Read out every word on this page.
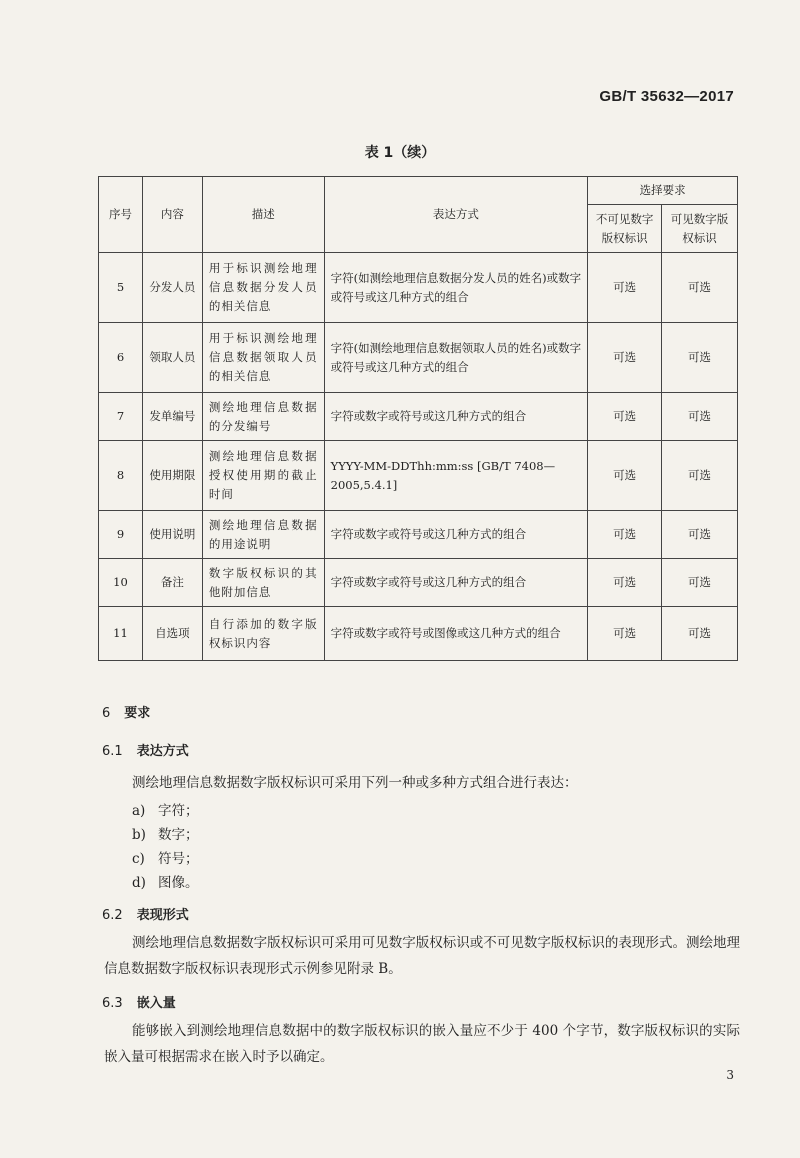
GB/T 35632—2017
表 1（续）
序号	内容	描述	表达方式	选择要求	
				不可见数字版权标识	可见数字版权标识
5	分发人员	用于标识测绘地理信息数据分发人员的相关信息	字符(如测绘地理信息数据分发人员的姓名)或数字或符号或这几种方式的组合	可选	可选
6	领取人员	用于标识测绘地理信息数据领取人员的相关信息	字符(如测绘地理信息数据领取人员的姓名)或数字或符号或这几种方式的组合	可选	可选
7	发单编号	测绘地理信息数据的分发编号	字符或数字或符号或这几种方式的组合	可选	可选
8	使用期限	测绘地理信息数据授权使用期的截止时间	YYYY-MM-DDThh:mm:ss [GB/T 7408—2005,5.4.1]	可选	可选
9	使用说明	测绘地理信息数据的用途说明	字符或数字或符号或这几种方式的组合	可选	可选
10	备注	数字版权标识的其他附加信息	字符或数字或符号或这几种方式的组合	可选	可选
11	自选项	自行添加的数字版权标识内容	字符或数字或符号或图像或这几种方式的组合	可选	可选
6 要求
6.1 表达方式
测绘地理信息数据数字版权标识可采用下列一种或多种方式组合进行表达：
a) 字符；
b) 数字；
c) 符号；
d) 图像。
6.2 表现形式
测绘地理信息数据数字版权标识可采用可见数字版权标识或不可见数字版权标识的表现形式。测绘地理信息数据数字版权标识表现形式示例参见附录 B。
6.3 嵌入量
能够嵌入到测绘地理信息数据中的数字版权标识的嵌入量应不少于 400 个字节，数字版权标识的实际嵌入量可根据需求在嵌入时予以确定。
3
